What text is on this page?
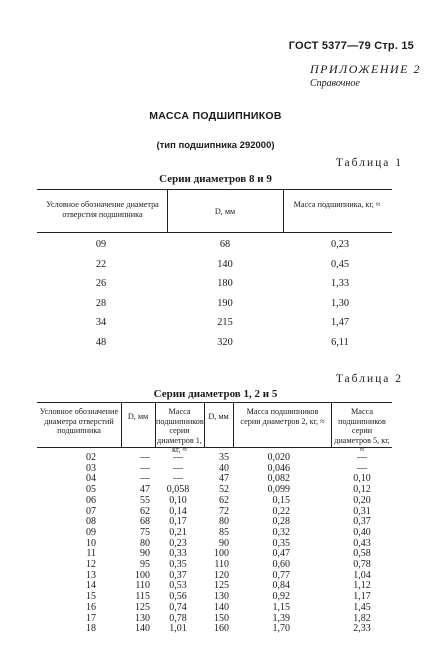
ГОСТ 5377—79 Стр. 15
ПРИЛОЖЕНИЕ 2
Справочное
МАССА ПОДШИПНИКОВ
(тип подшипника 292000)
Таблица 1
Серии диаметров 8 и 9
Условное обозначение диаметра отверстия подшипника	D, мм
Масса подшипника, кг, ≈
09	68	0,23
22	140	0,45
26	180	1,33
28	190	1,30
34	215	1,47
48	320	6,11
Таблица 2
Серии диаметров 1, 2 и 5
Условное обозначение диаметра отверстий подшипника
D, мм
Масса подшипников серии диаметров 1, кг, ≈
D, мм
Масса подшипников серии диаметров 2, кг, ≈
Масса подшипников серии диаметров 5, кг, ≈
02	—	—	35	0,020	—
03	—	—	40	0,046	—
04	—	—	47	0,082	0,10
05	47	0,058	52	0,099	0,12
06	55	0,10	62	0,15	0,20
07	62	0,14	72	0,22	0,31
08	68	0,17	80	0,28	0,37
09	75	0,21	85	0,32	0,40
10	80	0,23	90	0,35	0,43
11	90	0,33	100	0,47	0,58
12	95	0,35	110	0,60	0,78
13	100	0,37	120	0,77	1,04
14	110	0,53	125	0,84	1,12
15	115	0,56	130	0,92	1,17
16	125	0,74	140	1,15	1,45
17	130	0,78	150	1,39	1,82
18	140	1,01	160	1,70	2,33
